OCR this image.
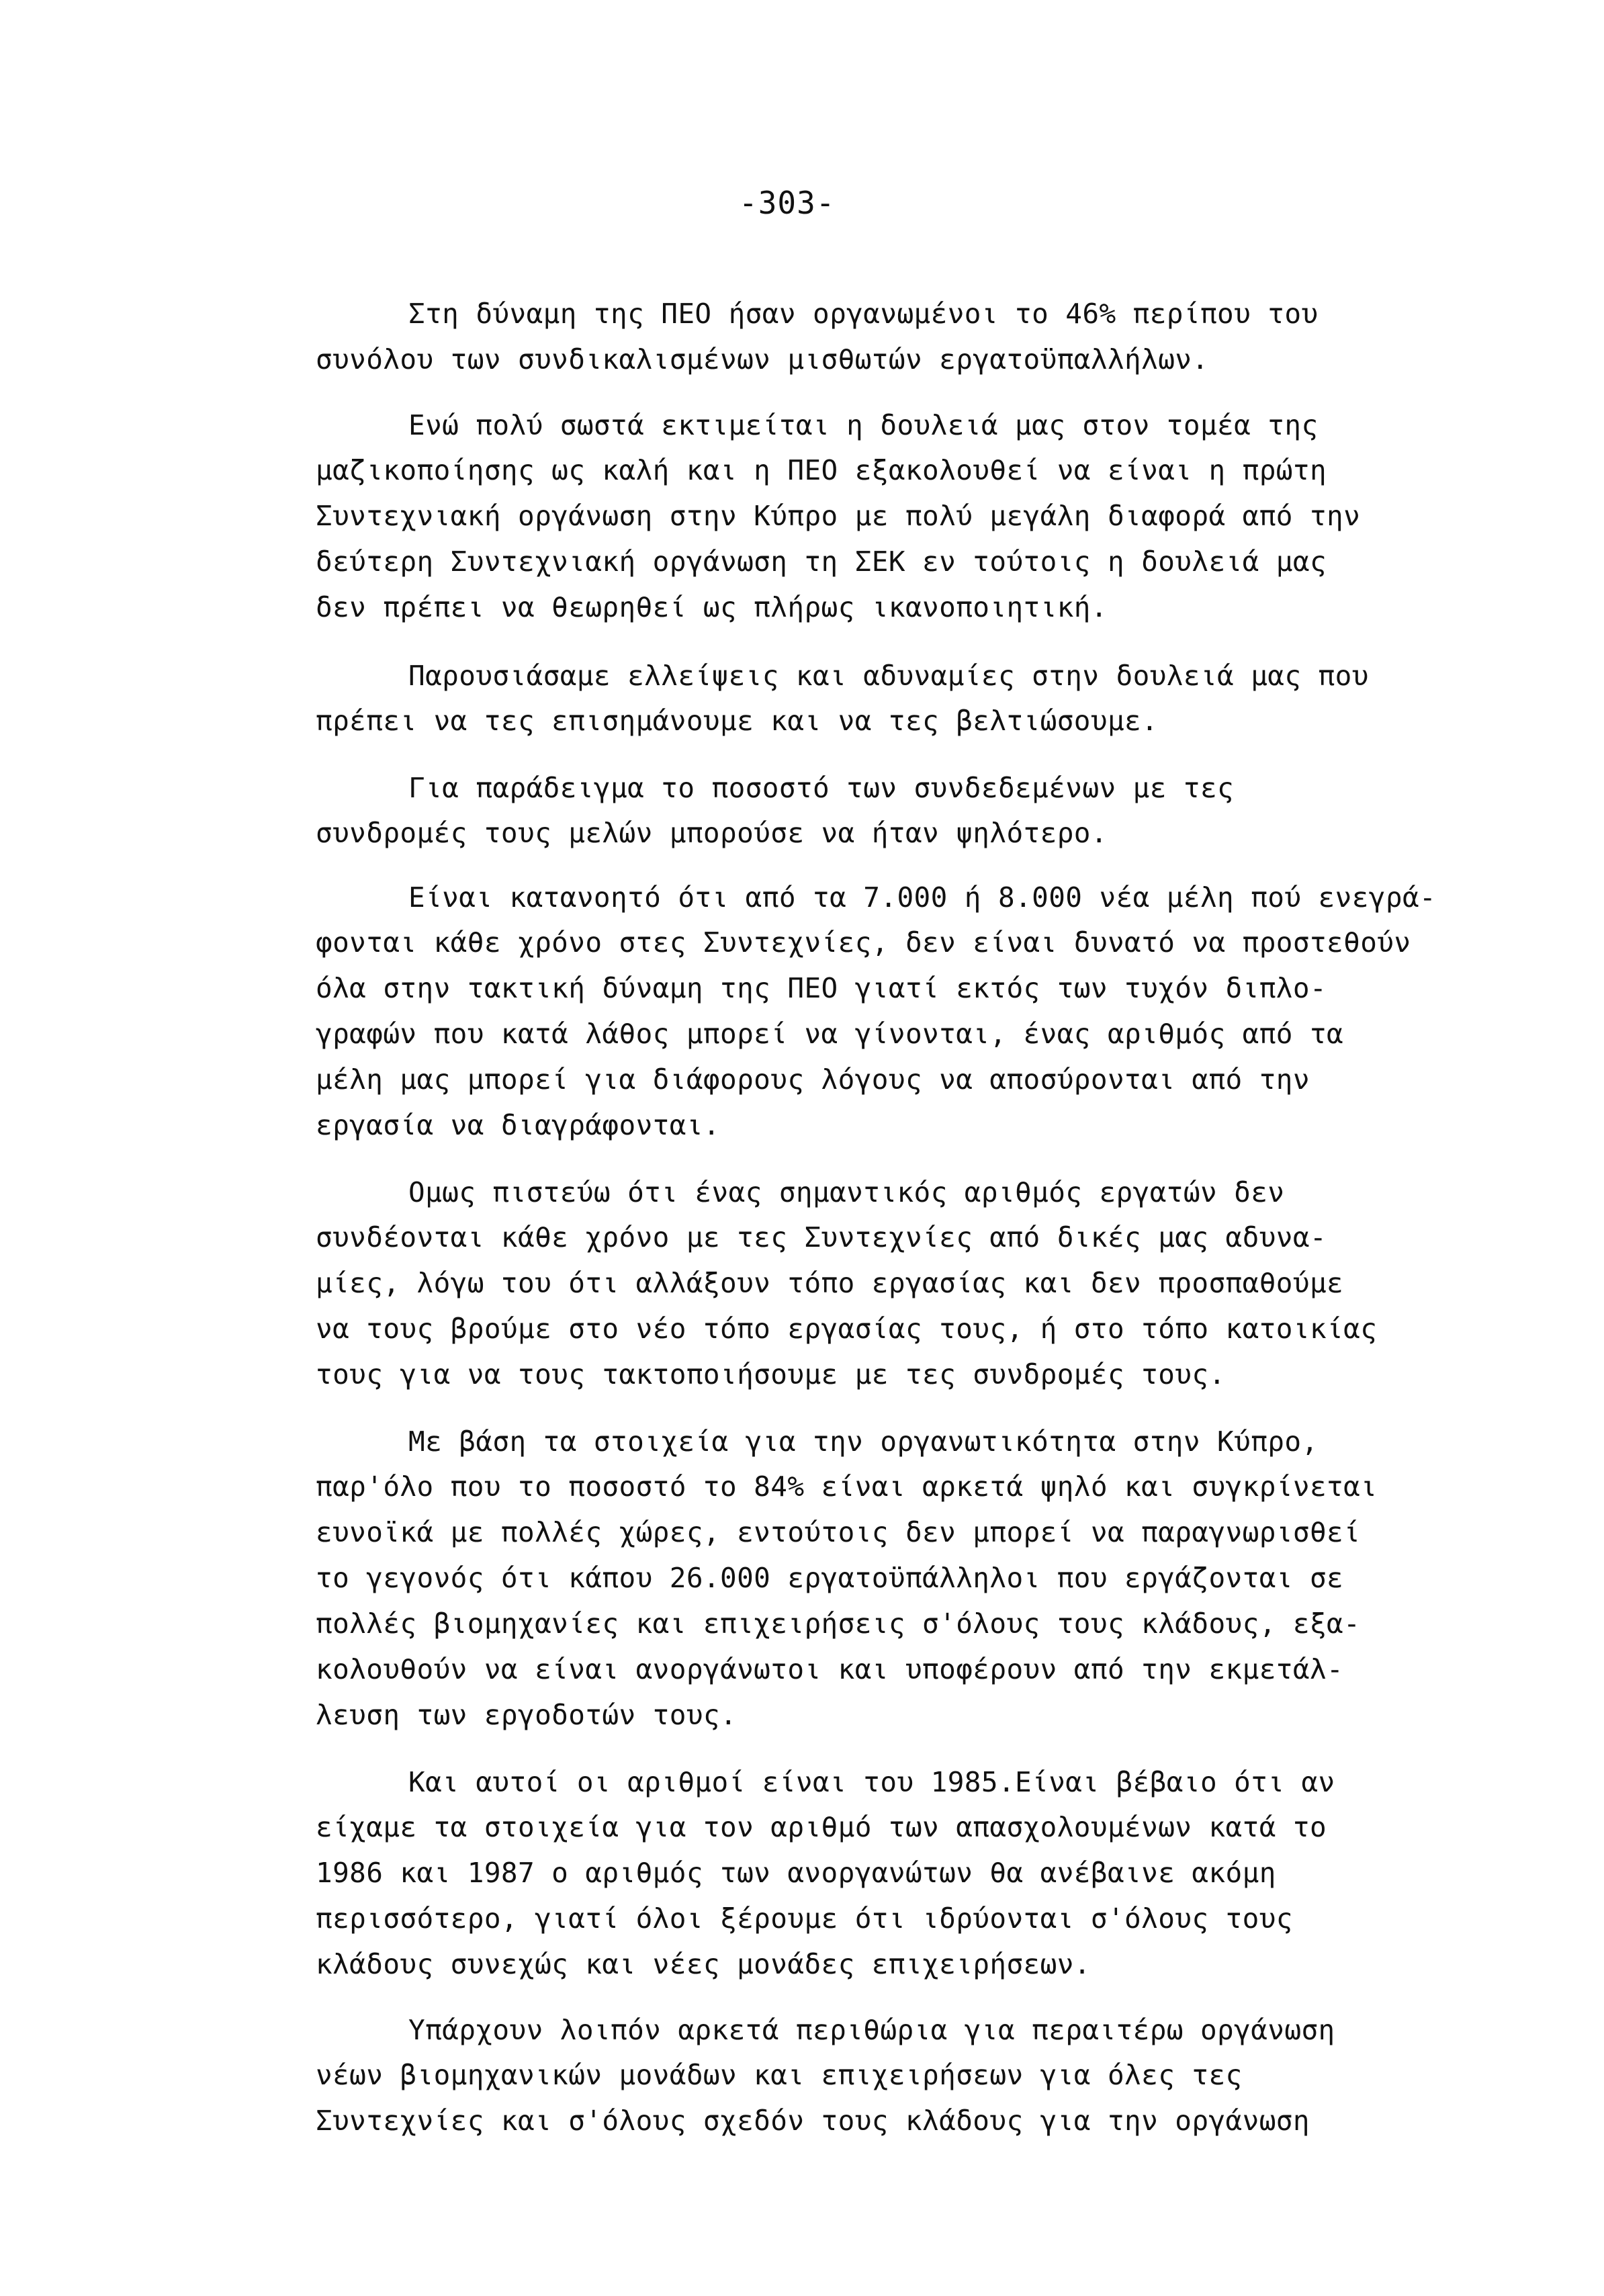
-303-
Στη δύναμη της ΠΕΟ ήσαν οργανωμένοι το 46% περίπου του
συνόλου των συνδικαλισμένων μισθωτών εργατοϋπαλλήλων.
Ενώ πολύ σωστά εκτιμείται η δουλειά μας στον τομέα της
μαζικοποίησης ως καλή και η ΠΕΟ εξακολουθεί να είναι η πρώτη
Συντεχνιακή οργάνωση στην Κύπρο με πολύ μεγάλη διαφορά από την
δεύτερη Συντεχνιακή οργάνωση τη ΣΕΚ εν τούτοις η δουλειά μας
δεν πρέπει να θεωρηθεί ως πλήρως ικανοποιητική.
Παρουσιάσαμε ελλείψεις και αδυναμίες στην δουλειά μας που
πρέπει να τες επισημάνουμε και να τες βελτιώσουμε.
Για παράδειγμα το ποσοστό των συνδεδεμένων με τες
συνδρομές τους μελών μπορούσε να ήταν ψηλότερο.
Είναι κατανοητό ότι από τα 7.000 ή 8.000 νέα μέλη πού ενεγρά-
φονται κάθε χρόνο στες Συντεχνίες, δεν είναι δυνατό να προστεθούν
όλα στην τακτική δύναμη της ΠΕΟ γιατί εκτός των τυχόν διπλο-
γραφών που κατά λάθος μπορεί να γίνονται, ένας αριθμός από τα
μέλη μας μπορεί για διάφορους λόγους να αποσύρονται από την
εργασία να διαγράφονται.
Ομως πιστεύω ότι ένας σημαντικός αριθμός εργατών δεν
συνδέονται κάθε χρόνο με τες Συντεχνίες από δικές μας αδυνα-
μίες, λόγω του ότι αλλάξουν τόπο εργασίας και δεν προσπαθούμε
να τους βρούμε στο νέο τόπο εργασίας τους, ή στο τόπο κατοικίας
τους για να τους τακτοποιήσουμε με τες συνδρομές τους.
Με βάση τα στοιχεία για την οργανωτικότητα στην Κύπρο,
παρ'όλο που το ποσοστό το 84% είναι αρκετά ψηλό και συγκρίνεται
ευνοϊκά με πολλές χώρες, εντούτοις δεν μπορεί να παραγνωρισθεί
το γεγονός ότι κάπου 26.000 εργατοϋπάλληλοι που εργάζονται σε
πολλές βιομηχανίες και επιχειρήσεις σ'όλους τους κλάδους, εξα-
κολουθούν να είναι ανοργάνωτοι και υποφέρουν από την εκμετάλ-
λευση των εργοδοτών τους.
Και αυτοί οι αριθμοί είναι του 1985.Είναι βέβαιο ότι αν
είχαμε τα στοιχεία για τον αριθμό των απασχολουμένων κατά το
1986 και 1987 ο αριθμός των ανοργανώτων θα ανέβαινε ακόμη
περισσότερο, γιατί όλοι ξέρουμε ότι ιδρύονται σ'όλους τους
κλάδους συνεχώς και νέες μονάδες επιχειρήσεων.
Υπάρχουν λοιπόν αρκετά περιθώρια για περαιτέρω οργάνωση
νέων βιομηχανικών μονάδων και επιχειρήσεων για όλες τες
Συντεχνίες και σ'όλους σχεδόν τους κλάδους για την οργάνωση
